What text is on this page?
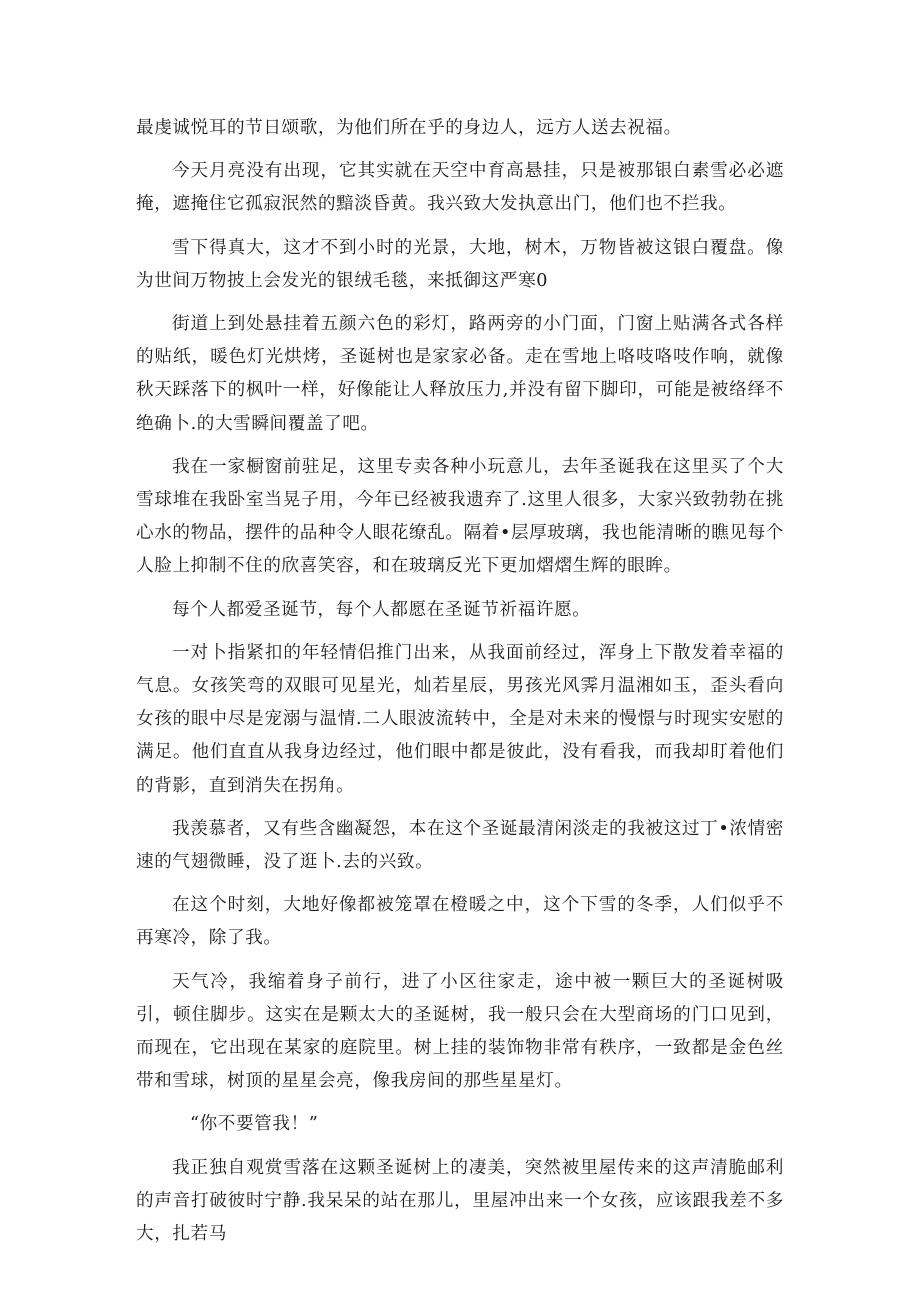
最虔诚悦耳的节日颂歌，为他们所在乎的身边人，远方人送去祝福。

今天月亮没有出现，它其实就在天空中育高悬挂，只是被那银白素雪必必遮掩，遮掩住它孤寂泯然的黯淡昏黄。我兴致大发执意出门，他们也不拦我。

雪下得真大，这才不到小时的光景，大地，树木，万物皆被这银白覆盘。像为世间万物披上会发光的银绒毛毯，来抵御这严寒0

街道上到处悬挂着五颜六色的彩灯，路两旁的小门面，门窗上贴满各式各样的贴纸，暖色灯光烘烤，圣诞树也是家家必备。走在雪地上咯吱咯吱作响，就像秋天踩落下的枫叶一样，好像能让人释放压力,并没有留下脚印，可能是被络绎不绝确卜.的大雪瞬间覆盖了吧。

我在一家橱窗前驻足，这里专卖各种小玩意儿，去年圣诞我在这里买了个大雪球堆在我卧室当晃子用，今年已经被我遗弃了.这里人很多，大家兴致勃勃在挑心水的物品，摆件的品种令人眼花缭乱。隔着•层厚玻璃，我也能清晰的瞧见每个人脸上抑制不住的欣喜笑容，和在玻璃反光下更加熠熠生辉的眼眸。

每个人都爱圣诞节，每个人都愿在圣诞节祈福许愿。

一对卜指紧扣的年轻情侣推门出来，从我面前经过，浑身上下散发着幸福的气息。女孩笑弯的双眼可见星光，灿若星辰，男孩光风霁月温湘如玉，歪头看向女孩的眼中尽是宠溺与温情.二人眼波流转中，全是对未来的慢憬与时现实安慰的满足。他们直直从我身边经过，他们眼中都是彼此，没有看我，而我却盯着他们的背影，直到消失在拐角。

我羡慕者，又有些含幽凝怨，本在这个圣诞最清闲淡走的我被这过丁•浓情密速的气翅微睡，没了逛卜.去的兴致。

在这个时刻，大地好像都被笼罩在橙暖之中，这个下雪的冬季，人们似乎不再寒冷，除了我。

天气冷，我缩着身子前行，进了小区往家走，途中被一颗巨大的圣诞树吸引，顿住脚步。这实在是颗太大的圣诞树，我一般只会在大型商场的门口见到，而现在，它出现在某家的庭院里。树上挂的装饰物非常有秩序，一致都是金色丝带和雪球，树顶的星星会亮，像我房间的那些星星灯。

“你不要管我！”

我正独自观赏雪落在这颗圣诞树上的凄美，突然被里屋传来的这声清脆邮利的声音打破彼时宁静.我呆呆的站在那儿，里屋冲出来一个女孩，应该跟我差不多大，扎若马
